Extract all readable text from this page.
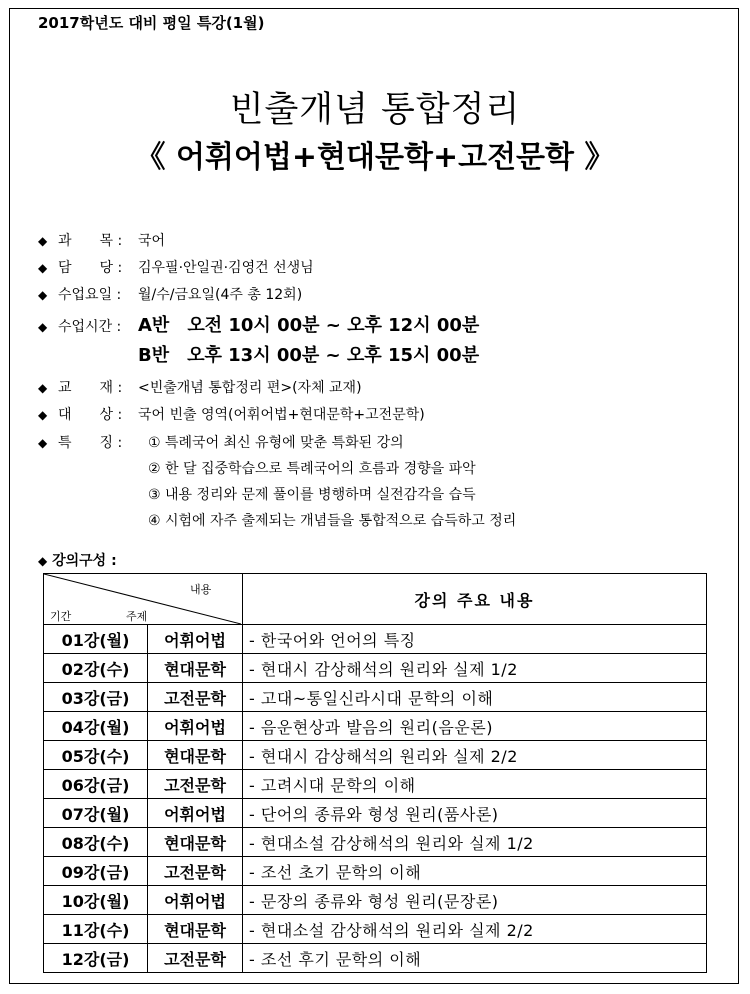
2017학년도 대비 평일 특강(1월)
빈출개념 통합정리
《 어휘어법+현대문학+고전문학 》
◆ 과　　목 : 국어
◆ 담　　당 : 김우필·안일권·김영건 선생님
◆ 수업요일 : 월/수/금요일(4주 총 12회)
◆ 수업시간 : A반　오전 10시 00분 ~ 오후 12시 00분
B반　오후 13시 00분 ~ 오후 15시 00분
◆ 교　　재 : <빈출개념 통합정리 편>(자체 교재)
◆ 대　　상 : 국어 빈출 영역(어휘어법+현대문학+고전문학)
◆ 특　　징 :	① 특례국어 최신 유형에 맞춘 특화된 강의
② 한 달 집중학습으로 특례국어의 흐름과 경향을 파악
③ 내용 정리와 문제 풀이를 병행하며 실전감각을 습득
④ 시험에 자주 출제되는 개념들을 통합적으로 습득하고 정리
◆ 강의구성 :
내용
기간 주제		강의 주요 내용
01강(월)	어휘어법	- 한국어와 언어의 특징
02강(수)	현대문학	- 현대시 감상해석의 원리와 실제 1/2
03강(금)	고전문학	- 고대~통일신라시대 문학의 이해
04강(월)	어휘어법	- 음운현상과 발음의 원리(음운론)
05강(수)	현대문학	- 현대시 감상해석의 원리와 실제 2/2
06강(금)	고전문학	- 고려시대 문학의 이해
07강(월)	어휘어법	- 단어의 종류와 형성 원리(품사론)
08강(수)	현대문학	- 현대소설 감상해석의 원리와 실제 1/2
09강(금)	고전문학	- 조선 초기 문학의 이해
10강(월)	어휘어법	- 문장의 종류와 형성 원리(문장론)
11강(수)	현대문학	- 현대소설 감상해석의 원리와 실제 2/2
12강(금)	고전문학	- 조선 후기 문학의 이해
